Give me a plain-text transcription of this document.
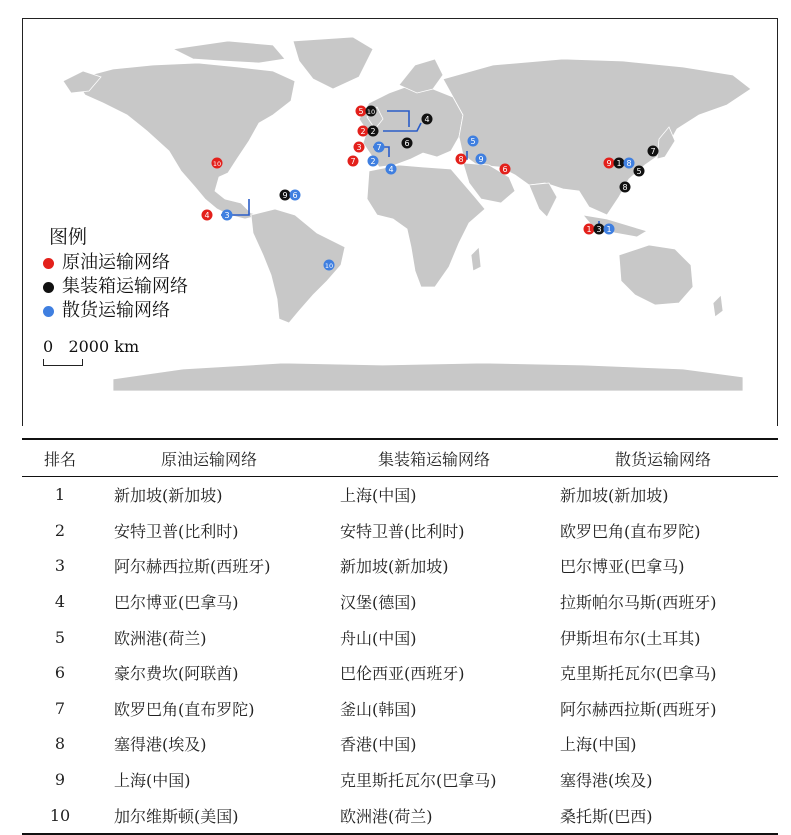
1
2
3
4
5
6
7	8	9
10	1
2
3
4
5
6
7
8
9
10
1
2
3
4
5
6
7
8
9
10
图例
原油运输网络
集装箱运输网络
散货运输网络
0   2000 km
排名	原油运输网络	集装箱运输网络	散货运输网络
1	新加坡(新加坡)	上海(中国)	新加坡(新加坡)
2	安特卫普(比利时)	安特卫普(比利时)	欧罗巴角(直布罗陀)
3	阿尔赫西拉斯(西班牙)	新加坡(新加坡)	巴尔博亚(巴拿马)
4	巴尔博亚(巴拿马)	汉堡(德国)	拉斯帕尔马斯(西班牙)
5	欧洲港(荷兰)	舟山(中国)	伊斯坦布尔(土耳其)
6	豪尔费坎(阿联酋)	巴伦西亚(西班牙)	克里斯托瓦尔(巴拿马)
7	欧罗巴角(直布罗陀)	釜山(韩国)	阿尔赫西拉斯(西班牙)
8	塞得港(埃及)	香港(中国)	上海(中国)
9	上海(中国)	克里斯托瓦尔(巴拿马)	塞得港(埃及)
10	加尔维斯顿(美国)	欧洲港(荷兰)	桑托斯(巴西)
